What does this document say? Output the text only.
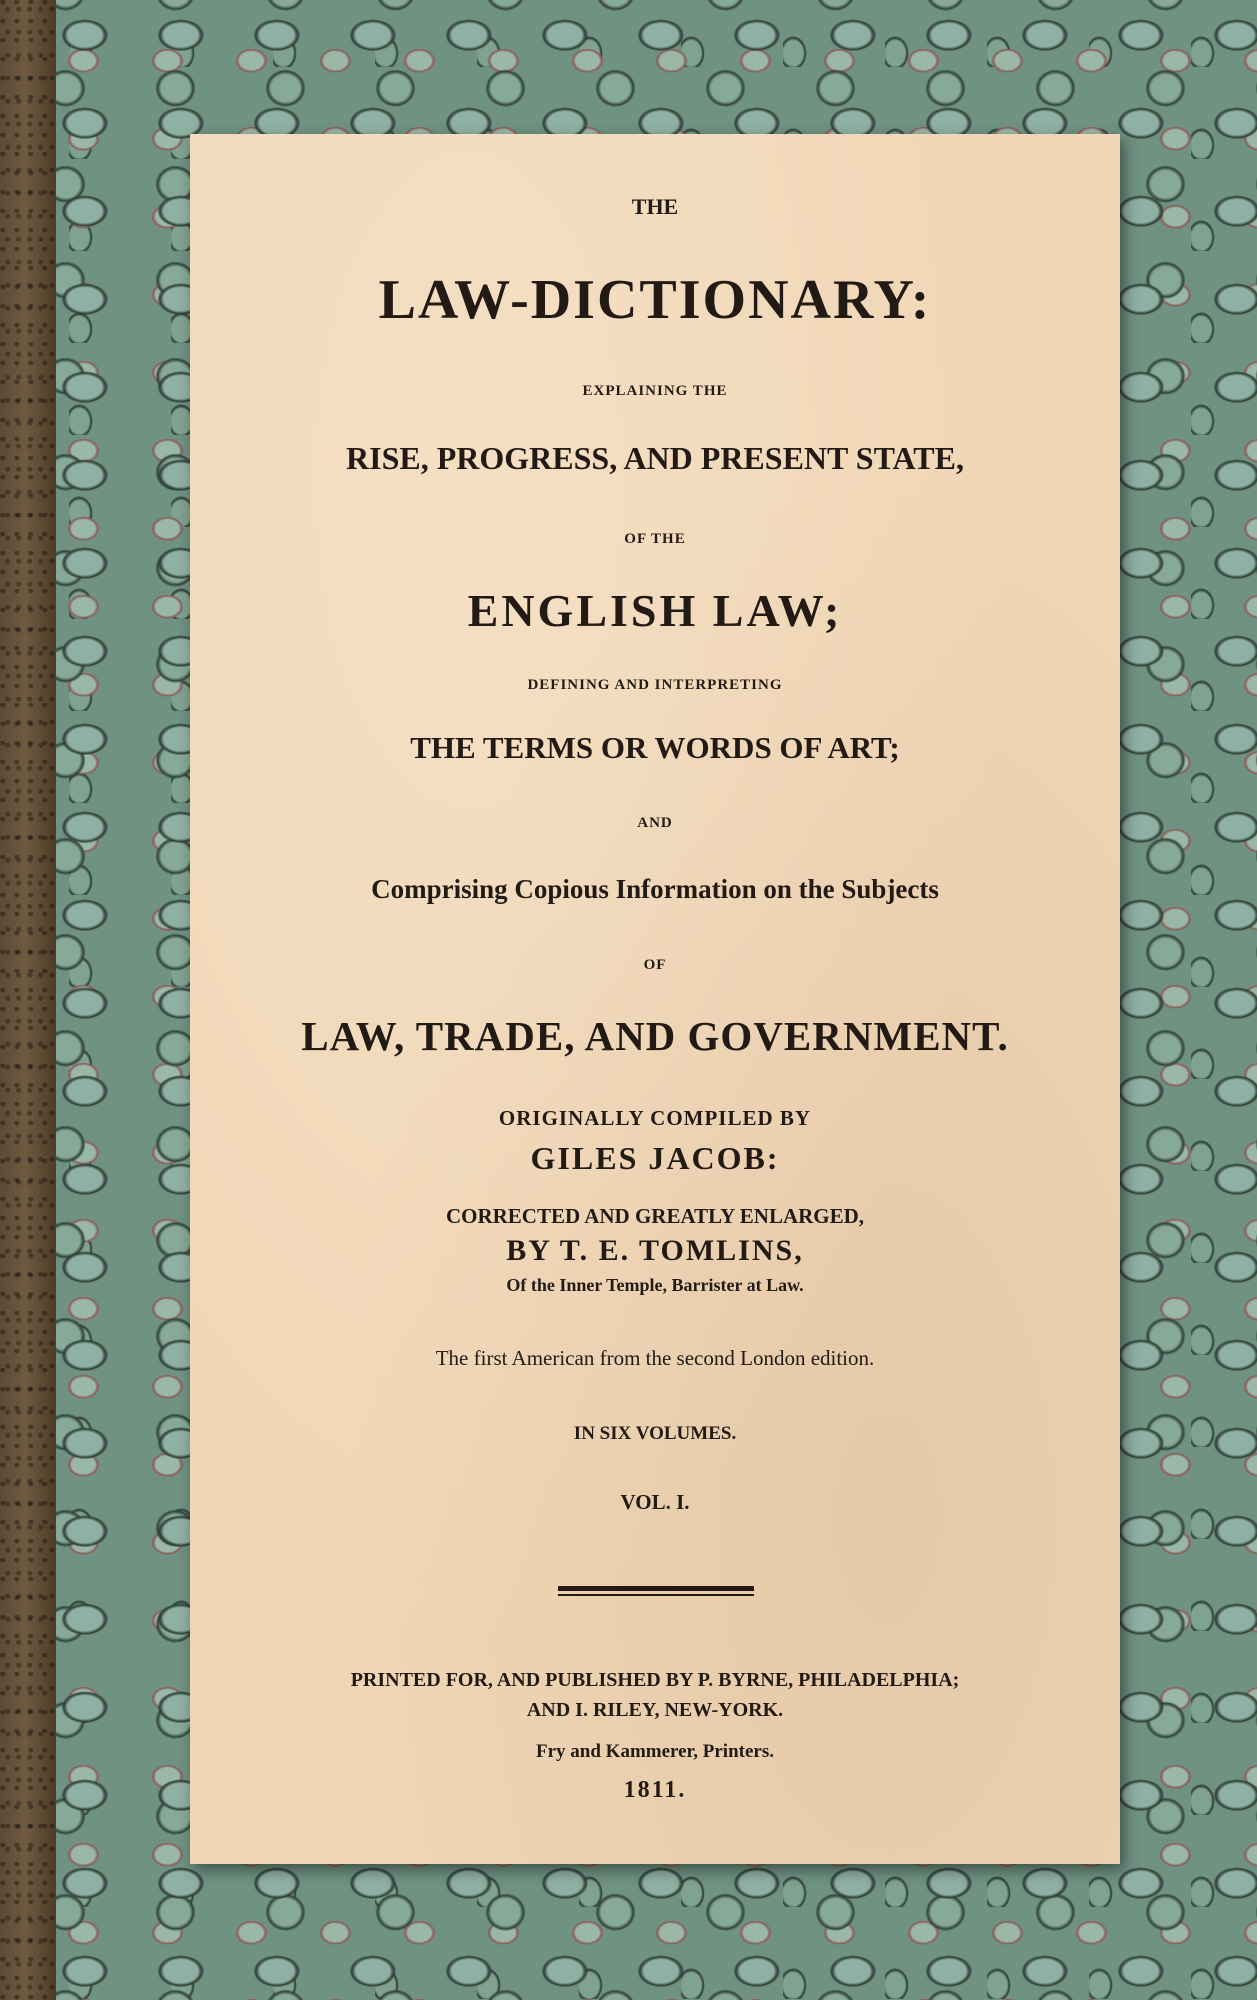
THE
LAW-DICTIONARY:
EXPLAINING THE
RISE, PROGRESS, AND PRESENT STATE,
OF THE
ENGLISH LAW;
DEFINING AND INTERPRETING
THE TERMS OR WORDS OF ART;
AND
Comprising Copious Information on the Subjects
OF
LAW, TRADE, AND GOVERNMENT.
ORIGINALLY COMPILED BY
GILES JACOB:
CORRECTED AND GREATLY ENLARGED,
BY T. E. TOMLINS,
Of the Inner Temple, Barrister at Law.
The first American from the second London edition.
IN SIX VOLUMES.
VOL. I.
PRINTED FOR, AND PUBLISHED BY P. BYRNE, PHILADELPHIA;
AND I. RILEY, NEW-YORK.
Fry and Kammerer, Printers.
1811.
